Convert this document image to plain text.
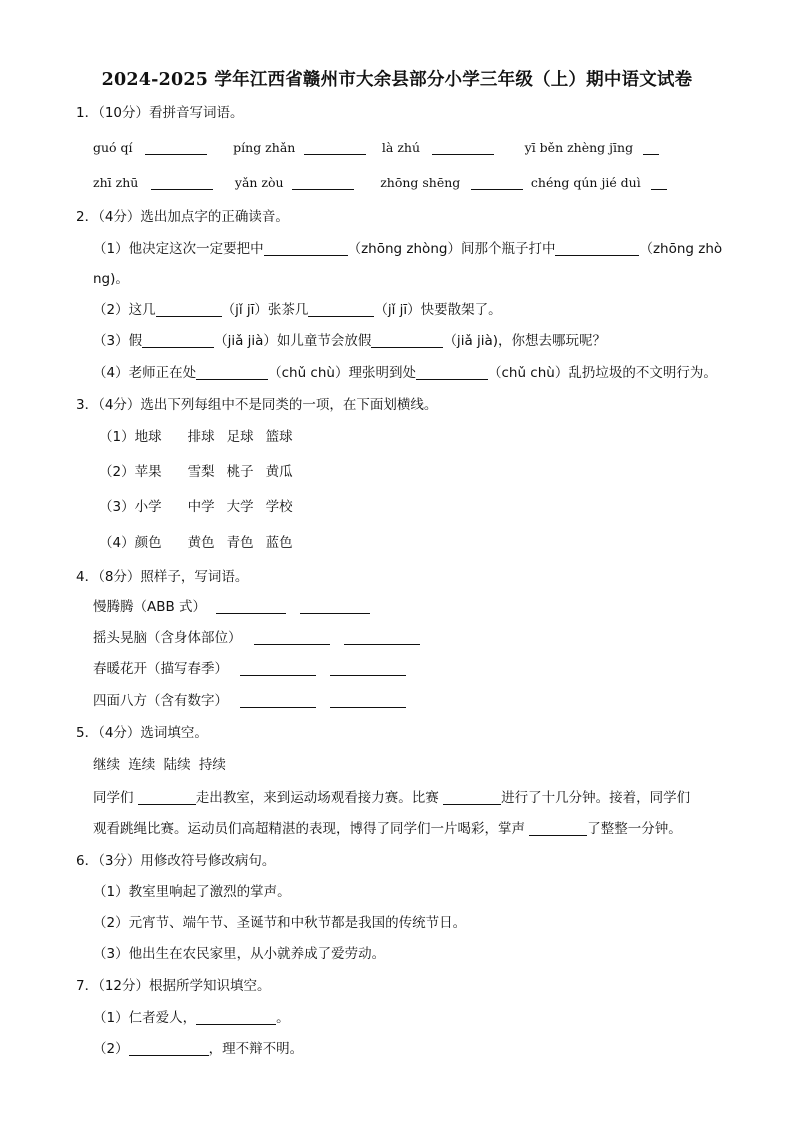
2024-2025 学年江西省赣州市大余县部分小学三年级（上）期中语文试卷
1．（10分）看拼音写词语。
guó qí	píng zhǎn	là zhú	yī běn zhèng jīng
zhī zhū	yǎn zòu	zhōng shēng	chéng qún jié duì
2．（4分）选出加点字的正确读音。
（1）他决定这次一定要把中	（zhōng zhòng）间那个瓶子打中	（zhōng zhò
ng)。
（2）这几	（jǐ jī）张茶几	（jǐ jī）快要散架了。
（3）假	（jiǎ jià）如儿童节会放假	（jiǎ jià)，你想去哪玩呢？
（4）老师正在处	（chǔ chù）理张明到处	（chǔ chù）乱扔垃圾的不文明行为。
3．（4分）选出下列每组中不是同类的一项，在下面划横线。
（1）地球 排球 足球 篮球
（2）苹果 雪梨 桃子 黄瓜
（3）小学 中学 大学 学校
（4）颜色 黄色 青色 蓝色
4．（8分）照样子，写词语。
慢腾腾（ABB 式）
摇头晃脑（含身体部位）
春暖花开（描写春季）
四面八方（含有数字）
5．（4分）选词填空。
继续 连续 陆续 持续
同学们	走出教室，来到运动场观看接力赛。比赛	进行了十几分钟。接着，同学们
观看跳绳比赛。运动员们高超精湛的表现，博得了同学们一片喝彩，掌声	了整整一分钟。
6．（3分）用修改符号修改病句。
（1）教室里响起了激烈的掌声。
（2）元宵节、端午节、圣诞节和中秋节都是我国的传统节日。
（3）他出生在农民家里，从小就养成了爱劳动。
7．（12分）根据所学知识填空。
（1）仁者爱人，	。
（2）	，理不辩不明。
